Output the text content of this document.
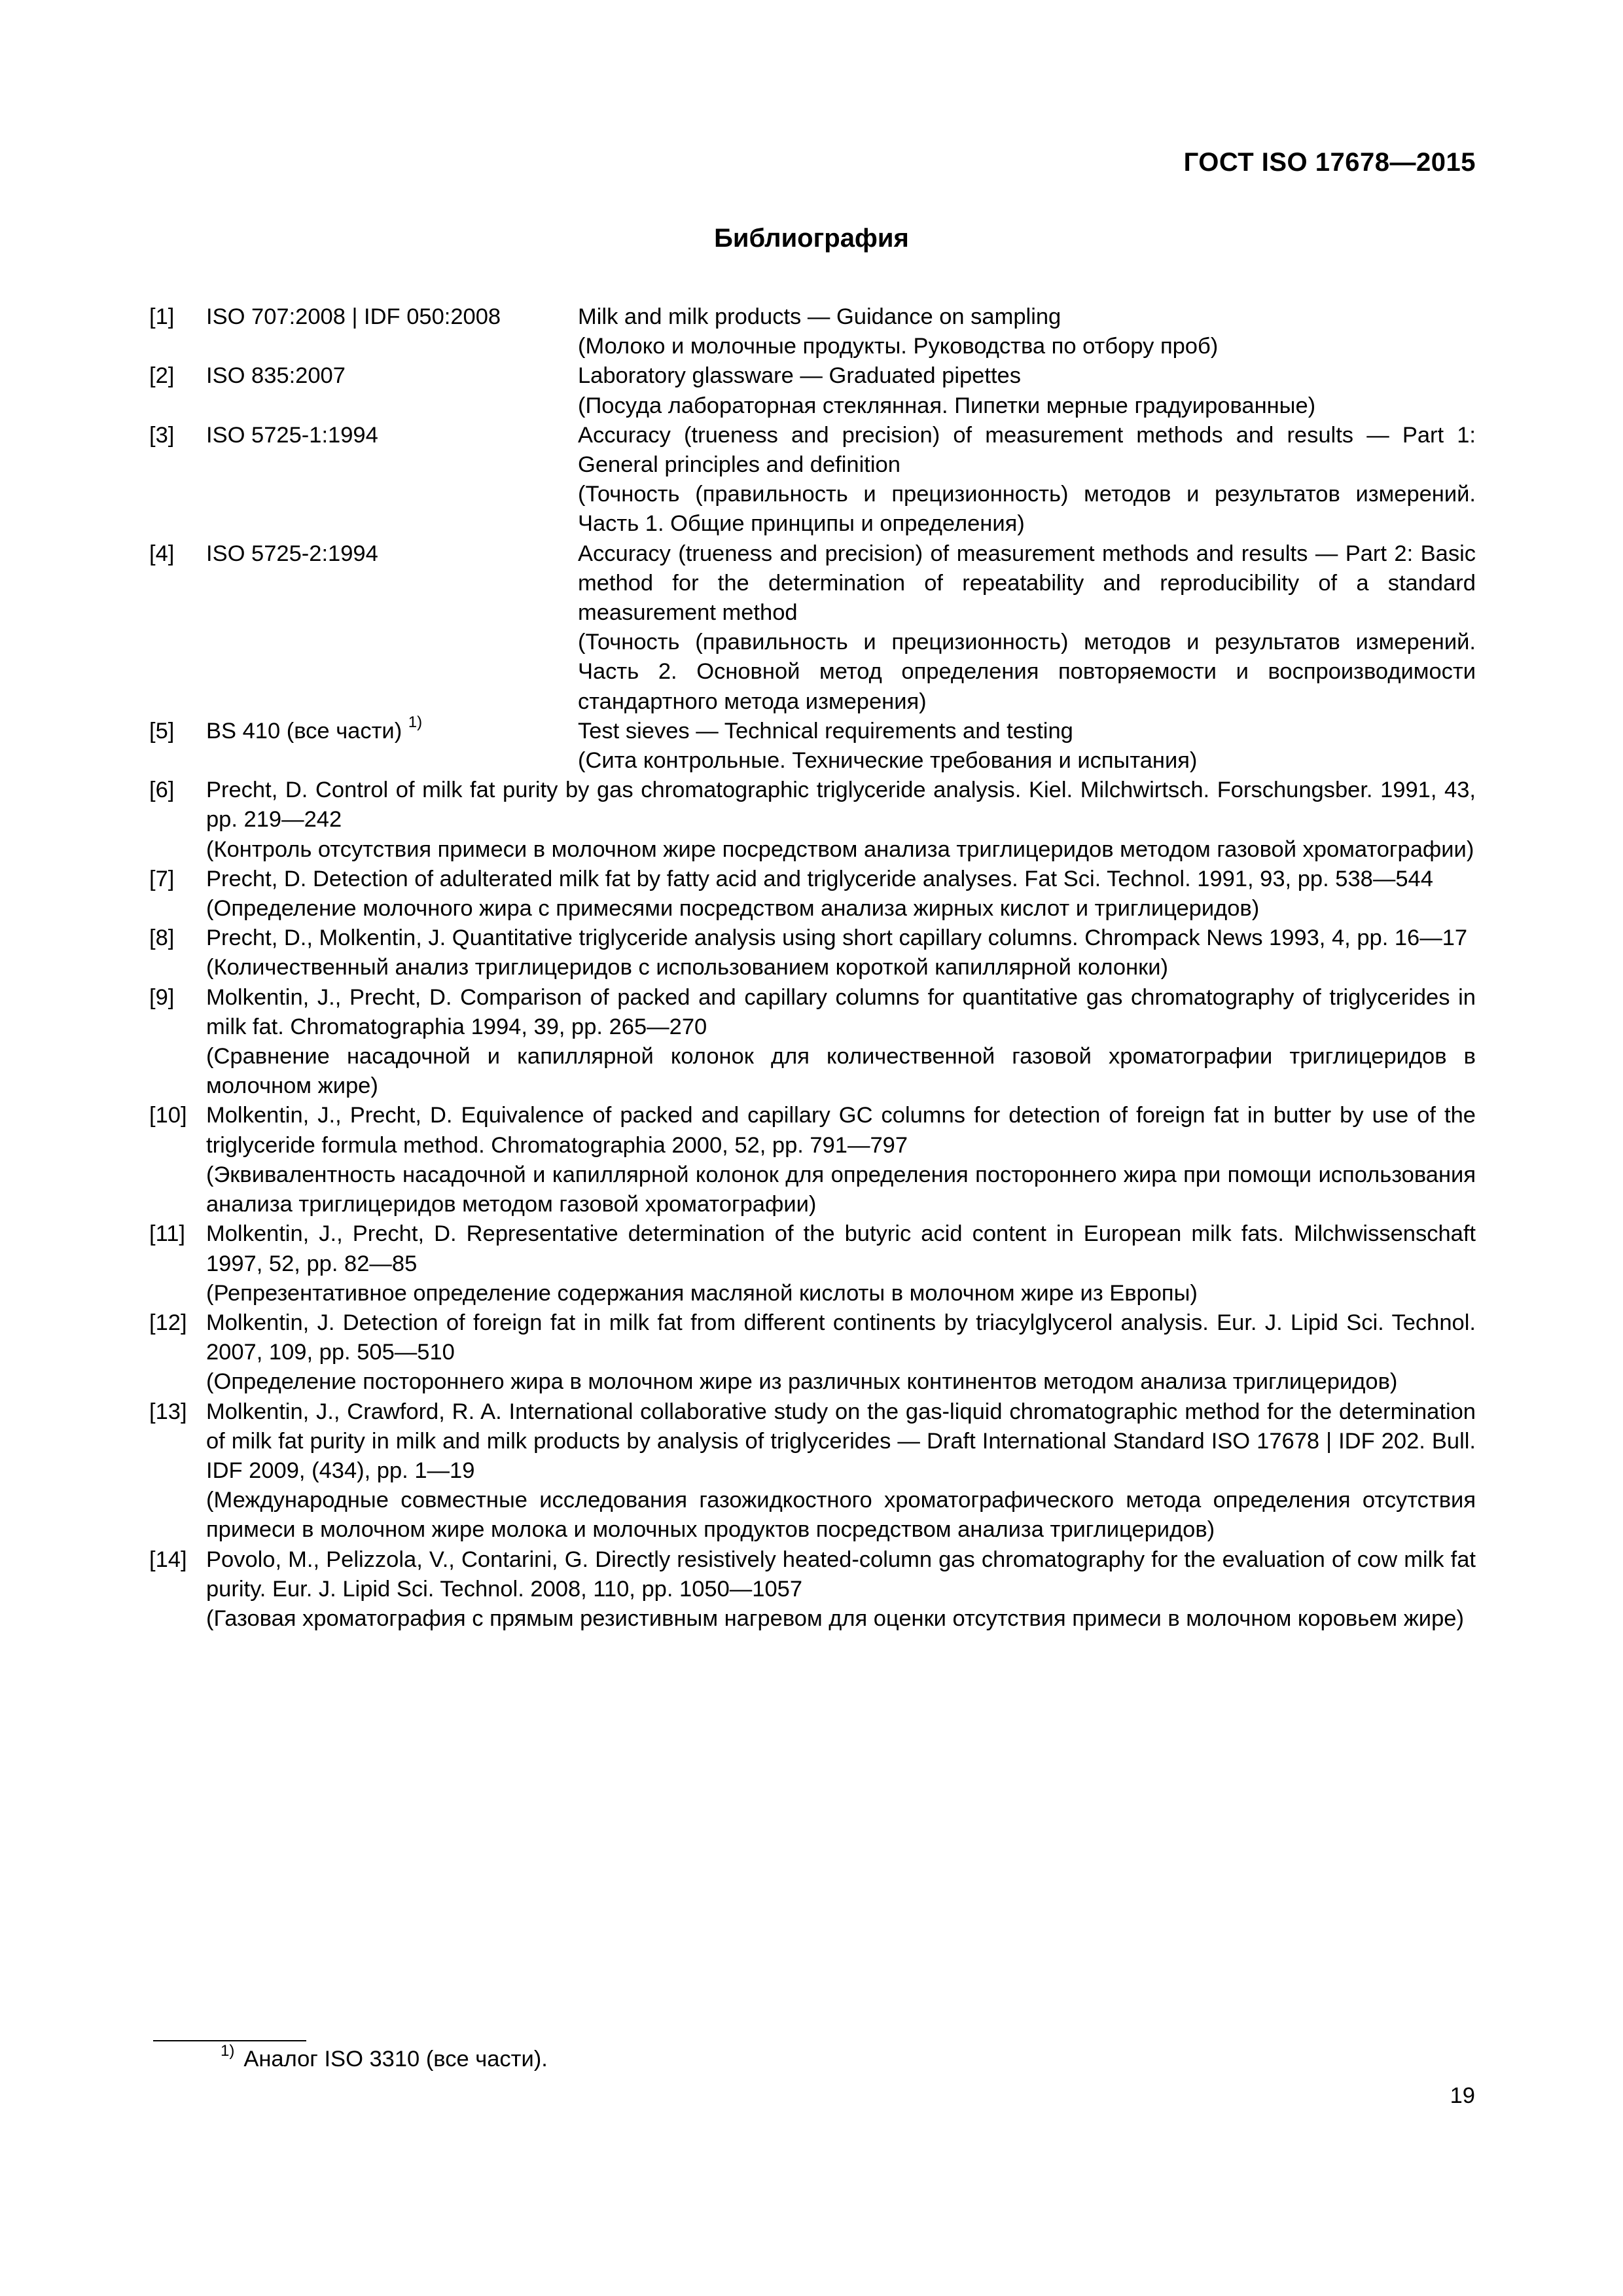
ГОСТ ISO 17678—2015
Библиография
[1]	ISO 707:2008 | IDF 050:2008	Milk and milk products — Guidance on sampling
(Молоко и молочные продукты. Руководства по отбору проб)
[2]	ISO 835:2007	Laboratory glassware — Graduated pipettes
(Посуда лабораторная стеклянная. Пипетки мерные градуированные)
[3]	ISO 5725-1:1994	Accuracy (trueness and precision) of measurement methods and results — Part 1: General principles and definition
(Точность (правильность и прецизионность) методов и результатов измерений. Часть 1. Общие принципы и определения)
[4]	ISO 5725-2:1994	Accuracy (trueness and precision) of measurement methods and results — Part 2: Basic method for the determination of repeatability and reproducibility of a standard measurement method
(Точность (правильность и прецизионность) методов и результатов измерений. Часть 2. Основной метод определения повторяемости и воспроизводимости стандартного метода измерения)
[5]	BS 410 (все части) $^{1)}$	Test sieves — Technical requirements and testing
(Сита контрольные. Технические требования и испытания)
[6]	Precht, D. Control of milk fat purity by gas chromatographic triglyceride analysis. Kiel. Milchwirtsch. Forschungsber. 1991, 43, pp. 219—242
(Контроль отсутствия примеси в молочном жире посредством анализа триглицеридов методом газовой хроматографии)
[7]	Precht, D. Detection of adulterated milk fat by fatty acid and triglyceride analyses. Fat Sci. Technol. 1991, 93, pp. 538—544
(Определение молочного жира с примесями посредством анализа жирных кислот и триглицеридов)
[8]	Precht, D., Molkentin, J. Quantitative triglyceride analysis using short capillary columns. Chrompack News 1993, 4, pp. 16—17
(Количественный анализ триглицеридов с использованием короткой капиллярной колонки)
[9]	Molkentin, J., Precht, D. Comparison of packed and capillary columns for quantitative gas chromatography of triglycerides in milk fat. Chromatographia 1994, 39, pp. 265—270
(Сравнение насадочной и капиллярной колонок для количественной газовой хроматографии триглицеридов в молочном жире)
[10] Molkentin, J., Precht, D. Equivalence of packed and capillary GC columns for detection of foreign fat in butter by use of the triglyceride formula method. Chromatographia 2000, 52, pp. 791—797
(Эквивалентность насадочной и капиллярной колонок для определения постороннего жира при помощи использования анализа триглицеридов методом газовой хроматографии)
[11] Molkentin, J., Precht, D. Representative determination of the butyric acid content in European milk fats. Milchwissenschaft 1997, 52, pp. 82—85
(Репрезентативное определение содержания масляной кислоты в молочном жире из Европы)
[12] Molkentin, J. Detection of foreign fat in milk fat from different continents by triacylglycerol analysis. Eur. J. Lipid Sci. Technol. 2007, 109, pp. 505—510
(Определение постороннего жира в молочном жире из различных континентов методом анализа триглицеридов)
[13] Molkentin, J., Crawford, R. A. International collaborative study on the gas-liquid chromatographic method for the determination of milk fat purity in milk and milk products by analysis of triglycerides — Draft International Standard ISO 17678 | IDF 202. Bull. IDF 2009, (434), pp. 1—19
(Международные совместные исследования газожидкостного хроматографического метода определения отсутствия примеси в молочном жире молока и молочных продуктов посредством анализа триглицеридов)
[14] Povolo, M., Pelizzola, V., Contarini, G. Directly resistively heated-column gas chromatography for the evaluation of cow milk fat purity. Eur. J. Lipid Sci. Technol. 2008, 110, pp. 1050—1057
(Газовая хроматография с прямым резистивным нагревом для оценки отсутствия примеси в молочном коровьем жире)
$^{1)}$ Аналог ISO 3310 (все части).
19
